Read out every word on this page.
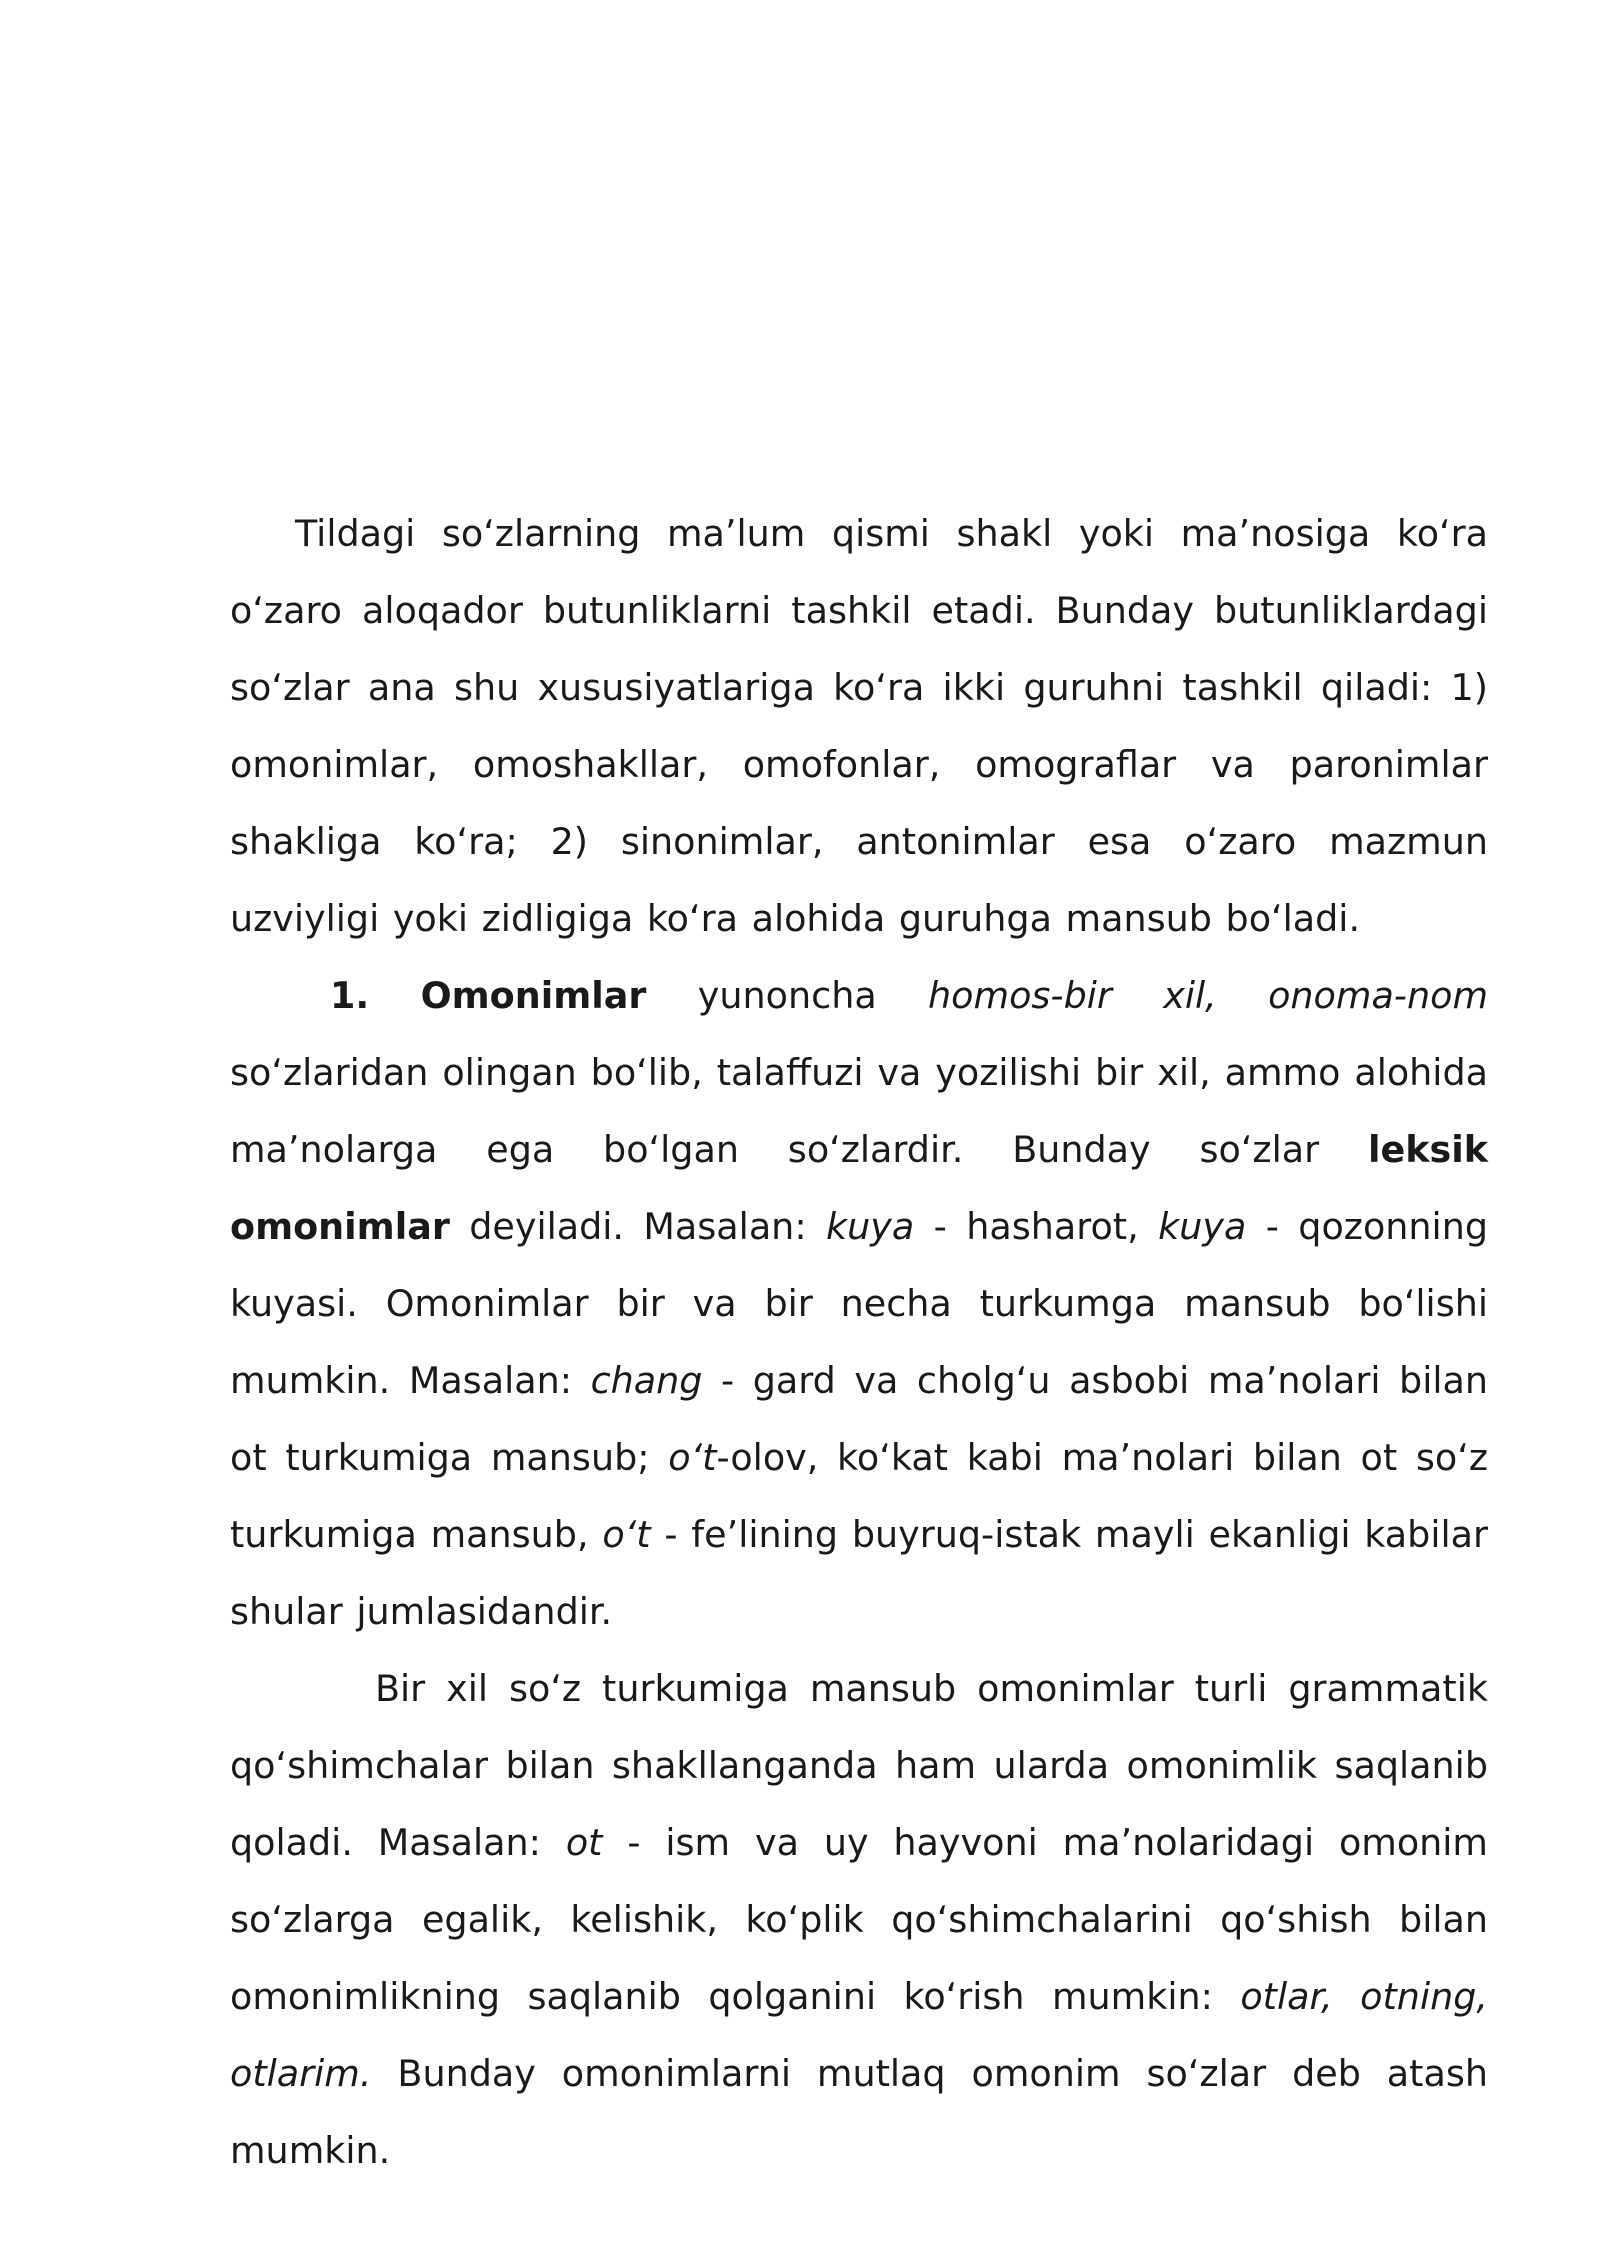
Tildagi soʻzlarning maʼlum qismi shakl yoki maʼnosiga koʻra oʻzaro aloqador butunliklarni tashkil etadi. Bunday butunliklardagi soʻzlar ana shu xususiyatlariga koʻra ikki guruhni tashkil qiladi: 1) omonimlar, omoshakllar, omofonlar, omograflar va paronimlar shakliga koʻra; 2) sinonimlar, antonimlar esa oʻzaro mazmun uzviyligi yoki zidligiga koʻra alohida guruhga mansub boʻladi.

1. Omonimlar yunoncha homos-bir xil, onoma-nom soʻzlaridan olingan boʻlib, talaffuzi va yozilishi bir xil, ammo alohida maʼnolarga ega boʻlgan soʻzlardir. Bunday soʻzlar leksik omonimlar deyiladi. Masalan: kuya - hasharot, kuya - qozonning kuyasi. Omonimlar bir va bir necha turkumga mansub boʻlishi mumkin. Masalan: chang - gard va cholgʻu asbobi maʼnolari bilan ot turkumiga mansub; oʻt-olov, koʻkat kabi maʼnolari bilan ot soʻz turkumiga mansub, oʻt - feʼlining buyruq-istak mayli ekanligi kabilar shular jumlasidandir.

Bir xil soʻz turkumiga mansub omonimlar turli grammatik qoʻshimchalar bilan shakllanganda ham ularda omonimlik saqlanib qoladi. Masalan: ot - ism va uy hayvoni maʼnolaridagi omonim soʻzlarga egalik, kelishik, koʻplik qoʻshimchalarini qoʻshish bilan omonimlikning saqlanib qolganini koʻrish mumkin: otlar, otning, otlarim. Bunday omonimlarni mutlaq omonim soʻzlar deb atash mumkin.
